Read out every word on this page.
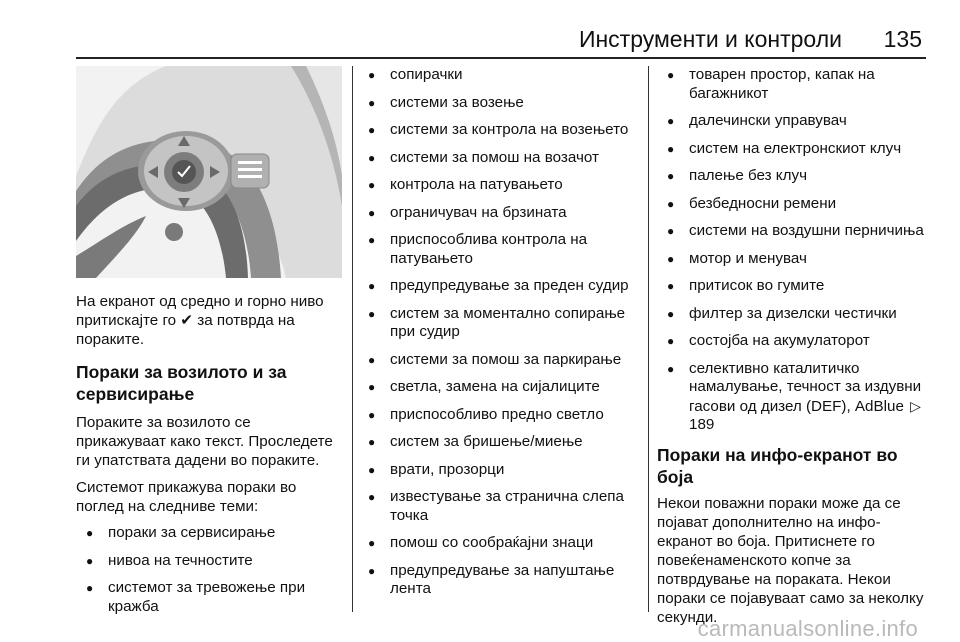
Инструменти и контроли 135

На екранот од средно и горно ниво притискајте го ✔ за потврда на пораките.

Пораки за возилото и за сервисирање

Пораките за возилото се прикажуваат како текст. Проследете ги упатствата дадени во пораките.

Системот прикажува пораки во поглед на следниве теми:

● пораки за сервисирање
● нивоа на течностите
● системот за тревожење при кражба
● сопирачки
● системи за возење
● системи за контрола на возењето
● системи за помош на возачот
● контрола на патувањето
● ограничувач на брзината
● приспособлива контрола на патувањето
● предупредување за преден судир
● систем за моментално сопирање при судир
● системи за помош за паркирање
● светла, замена на сијалиците
● приспособливо предно светло
● систем за бришење/миење
● врати, прозорци
● известување за странична слепа точка
● помош со сообраќајни знаци
● предупредување за напуштање лента
● товарен простор, капак на багажникот
● далечински управувач
● систем на електронскиот клуч
● палење без клуч
● безбедносни ремени
● системи на воздушни перничиња
● мотор и менувач
● притисок во гумите
● филтер за дизелски честички
● состојба на акумулаторот
● селективно каталитичко намалување, течност за издувни гасови од дизел (DEF), AdBlue ▷189
Пораки на инфо-екранот во боја

Некои поважни пораки може да се појават дополнително на инфо-екранот во боја. Притиснете го повеќенаменското копче за потврдување на пораката. Некои пораки се појавуваат само за неколку секунди.

carmanualsonline.info
